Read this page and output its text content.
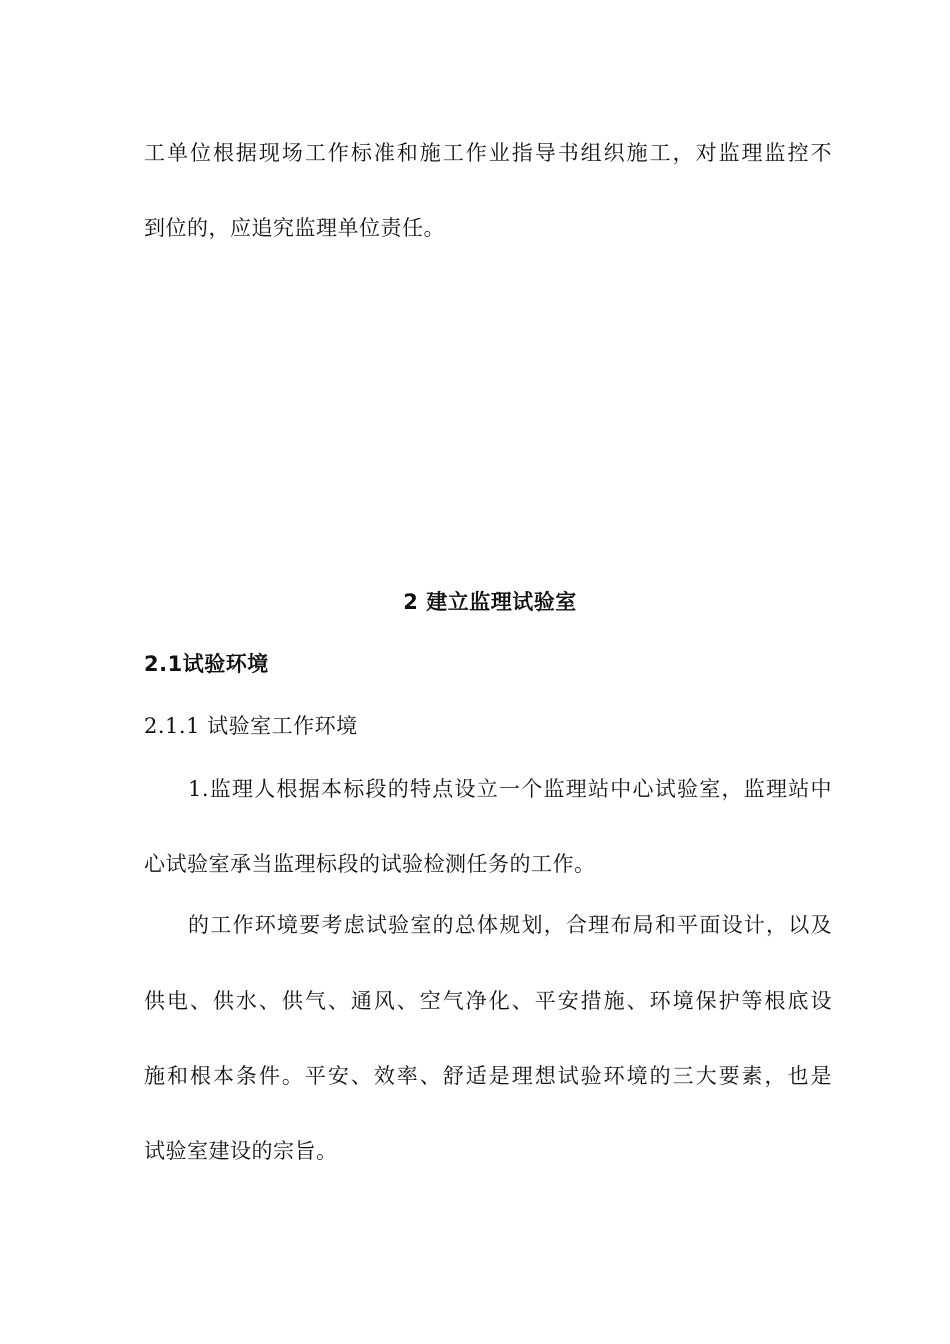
工单位根据现场工作标准和施工作业指导书组织施工，对监理监控不
到位的，应追究监理单位责任。
2 建立监理试验室
2.1试验环境
2.1.1 试验室工作环境
1.监理人根据本标段的特点设立一个监理站中心试验室，监理站中
心试验室承当监理标段的试验检测任务的工作。
的工作环境要考虑试验室的总体规划，合理布局和平面设计，以及
供电、供水、供气、通风、空气净化、平安措施、环境保护等根底设
施和根本条件。平安、效率、舒适是理想试验环境的三大要素，也是
试验室建设的宗旨。
